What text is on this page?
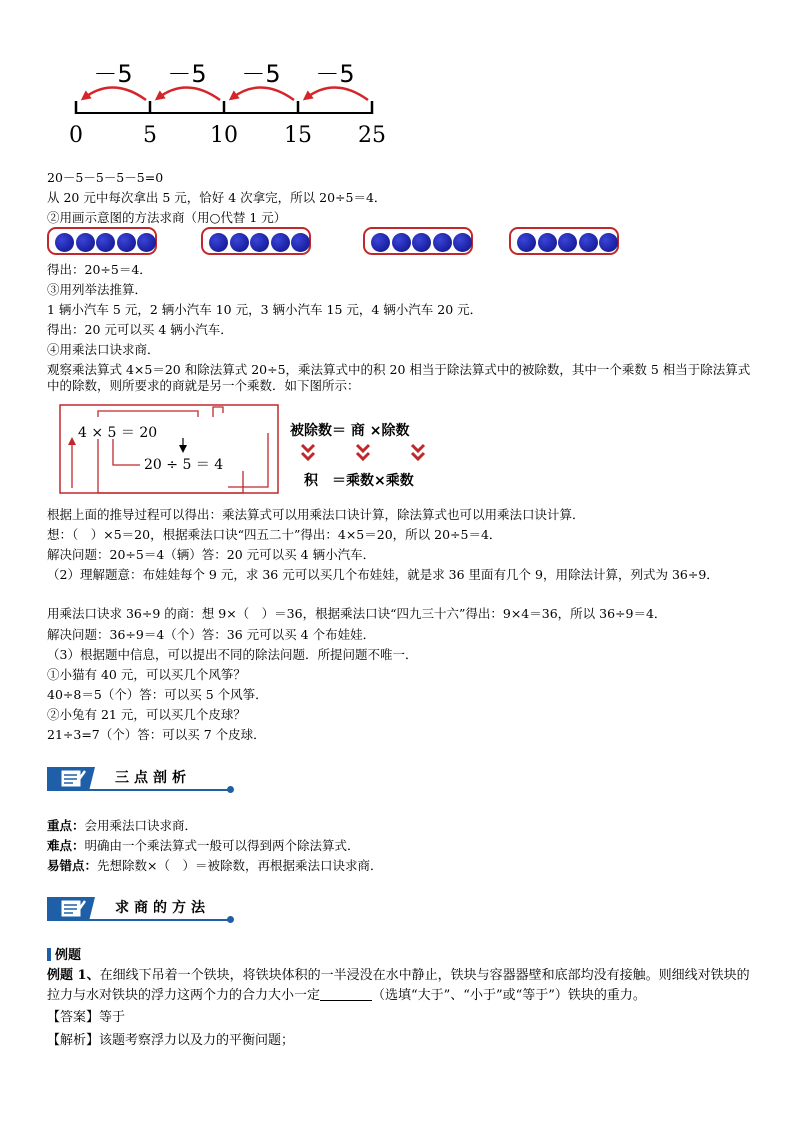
－5 －5 －5 －5
0	5 10 15 25
20－5－5－5－5=0
从 20 元中每次拿出 5 元，恰好 4 次拿完，所以 20÷5＝4．
②用画示意图的方法求商（用○代替 1 元）
得出：20÷5＝4．
③用列举法推算．
1 辆小汽车 5 元，2 辆小汽车 10 元，3 辆小汽车 15 元，4 辆小汽车 20 元．
得出：20 元可以买 4 辆小汽车．
④用乘法口诀求商．
观察乘法算式 4×5＝20 和除法算式 20÷5，乘法算式中的积 20 相当于除法算式中的被除数，其中一个乘数 5 相当于除法算式中的除数，则所要求的商就是另一个乘数．如下图所示：
4 × 5 ＝ 20
20 ÷ 5 ＝ 4
被除数＝ 商 ×除数
积　＝乘数×乘数
根据上面的推导过程可以得出：乘法算式可以用乘法口诀计算，除法算式也可以用乘法口诀计算．
想：（　）×5＝20，根据乘法口诀“四五二十”得出：4×5＝20，所以 20÷5＝4．
解决问题：20÷5＝4（辆）答：20 元可以买 4 辆小汽车．
（2）理解题意：布娃娃每个 9 元，求 36 元可以买几个布娃娃，就是求 36 里面有几个 9，用除法计算，列式为 36÷9．
用乘法口诀求 36÷9 的商：想 9×（　）＝36，根据乘法口诀“四九三十六”得出：9×4＝36，所以 36÷9＝4．
解决问题：36÷9＝4（个）答：36 元可以买 4 个布娃娃．
（3）根据题中信息，可以提出不同的除法问题．所提问题不唯一．
①小猫有 40 元，可以买几个风筝？
40÷8＝5（个）答：可以买 5 个风筝．
②小兔有 21 元，可以买几个皮球？
21÷3=7（个）答：可以买 7 个皮球．
三点剖析
重点：会用乘法口诀求商．
难点：明确由一个乘法算式一般可以得到两个除法算式．
易错点：先想除数×（　）＝被除数，再根据乘法口诀求商．
求商的方法
例题
例题 1、在细线下吊着一个铁块，将铁块体积的一半浸没在水中静止，铁块与容器器壁和底部均没有接触。则细线对铁块的拉力与水对铁块的浮力这两个力的合力大小一定	（选填“大于”、“小于”或“等于”）铁块的重力。
【答案】等于
【解析】该题考察浮力以及力的平衡问题；
